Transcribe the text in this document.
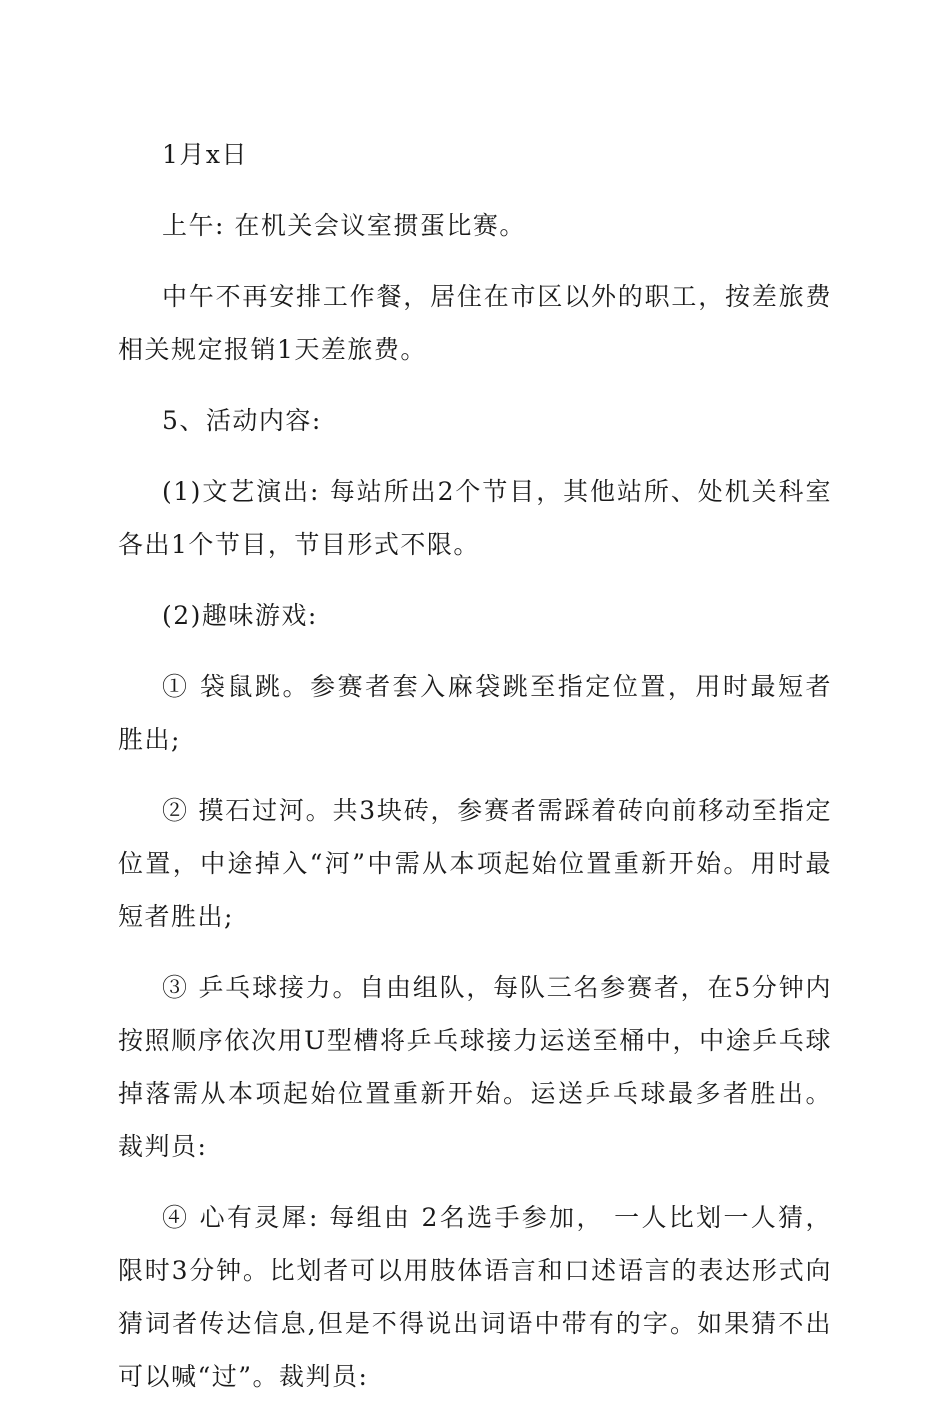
1月x日

上午: 在机关会议室掼蛋比赛。

中午不再安排工作餐，居住在市区以外的职工，按差旅费相关规定报销1天差旅费。

5、活动内容:

(1)文艺演出: 每站所出2个节目，其他站所、处机关科室各出1个节目，节目形式不限。

(2)趣味游戏:

① 袋鼠跳。参赛者套入麻袋跳至指定位置，用时最短者胜出;

② 摸石过河。共3块砖，参赛者需踩着砖向前移动至指定位置，中途掉入“河”中需从本项起始位置重新开始。用时最短者胜出;

③ 乒乓球接力。自由组队，每队三名参赛者，在5分钟内按照顺序依次用U型槽将乒乓球接力运送至桶中，中途乒乓球掉落需从本项起始位置重新开始。运送乒乓球最多者胜出。裁判员:

④ 心有灵犀: 每组由 2名选手参加， 一人比划一人猜，限时3分钟。比划者可以用肢体语言和口述语言的表达形式向猜词者传达信息,但是不得说出词语中带有的字。如果猜不出可以喊“过”。裁判员:
